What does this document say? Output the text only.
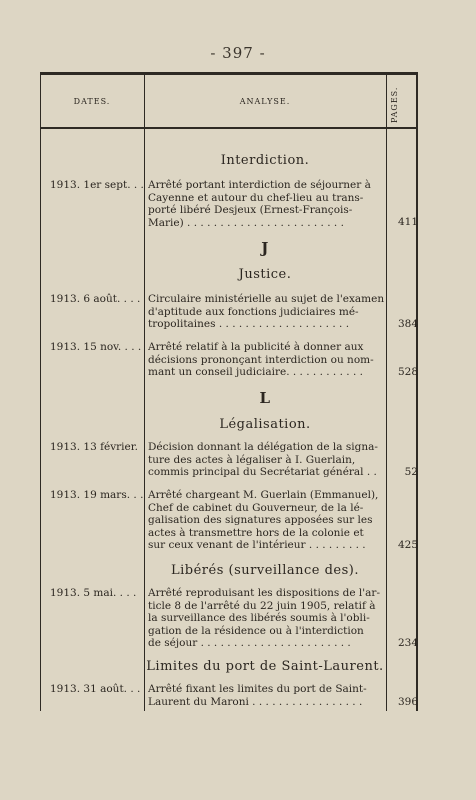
- 397 -
DATES.	ANALYSE.	PAGES.
Interdiction.
1913. 1er sept. . . Arrêté portant interdiction de séjourner à
Cayenne et autour du chef-lieu au trans-
porté libéré Desjeux (Ernest-François-
Marie) . . . . . . . . . . . . . . . . . . . . . . . .	411
J
Justice.
1913. 6 août. . . . Circulaire ministérielle au sujet de l'examen
d'aptitude aux fonctions judiciaires mé-
tropolitaines . . . . . . . . . . . . . . . . . . . .	384
1913. 15 nov. . . . Arrêté relatif à la publicité à donner aux
décisions prononçant interdiction ou nom-
mant un conseil judiciaire. . . . . . . . . . . .	528
L
Légalisation.
1913. 13 février. Décision donnant la délégation de la signa-
ture des actes à légaliser à I. Guerlain,
commis principal du Secrétariat général . .	52
1913. 19 mars. . . Arrêté chargeant M. Guerlain (Emmanuel),
Chef de cabinet du Gouverneur, de la lé-
galisation des signatures apposées sur les
actes à transmettre hors de la colonie et
sur ceux venant de l'intérieur . . . . . . . . .	425
Libérés (surveillance des).
1913. 5 mai. . . .	Arrêté reproduisant les dispositions de l'ar-
ticle 8 de l'arrêté du 22 juin 1905, relatif à
la surveillance des libérés soumis à l'obli-
gation de la résidence ou à l'interdiction
de séjour . . . . . . . . . . . . . . . . . . . . . . .	234
Limites du port de Saint-Laurent.
1913. 31 août. . . Arrêté fixant les limites du port de Saint-
Laurent du Maroni . . . . . . . . . . . . . . . . .	396
